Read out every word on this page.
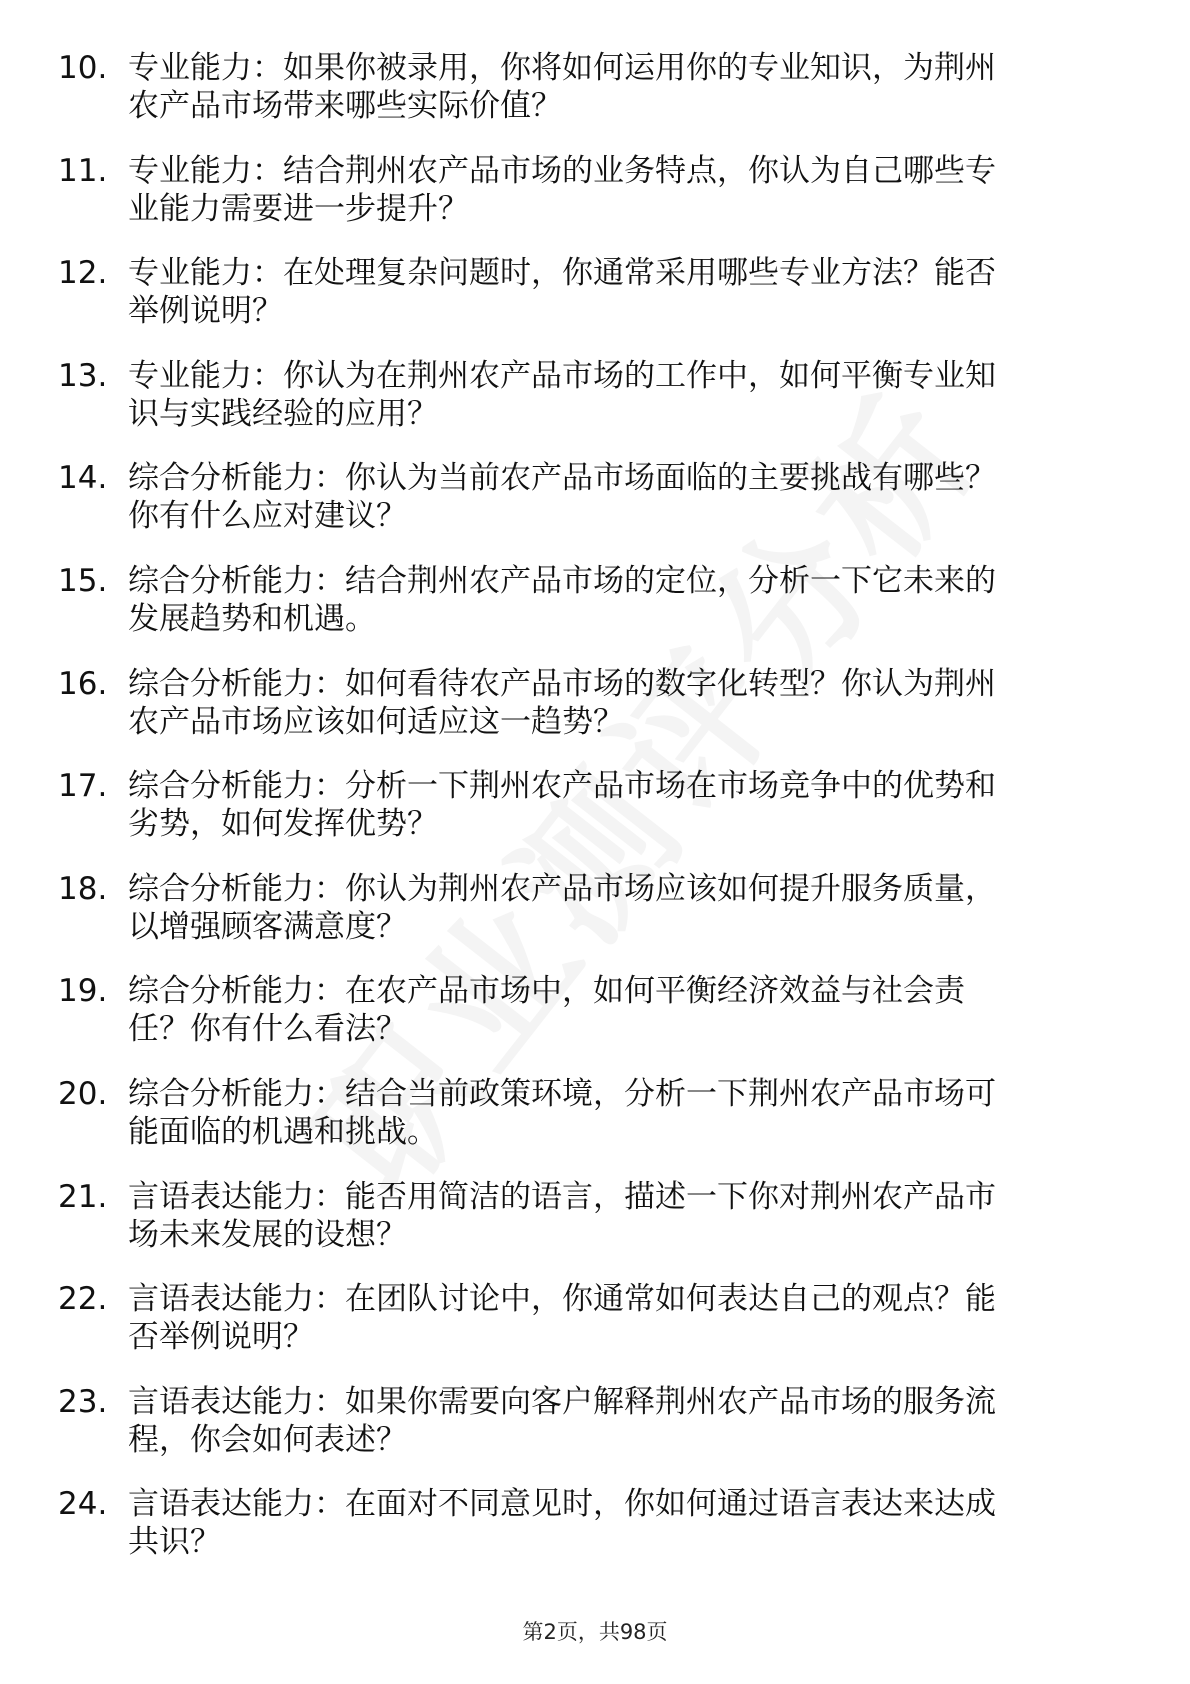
10. 专业能力：如果你被录用，你将如何运用你的专业知识，为荆州
农产品市场带来哪些实际价值？
11. 专业能力：结合荆州农产品市场的业务特点，你认为自己哪些专
业能力需要进一步提升？
12. 专业能力：在处理复杂问题时，你通常采用哪些专业方法？能否
举例说明？
13. 专业能力：你认为在荆州农产品市场的工作中，如何平衡专业知
识与实践经验的应用？
14. 综合分析能力：你认为当前农产品市场面临的主要挑战有哪些？
你有什么应对建议？
15. 综合分析能力：结合荆州农产品市场的定位，分析一下它未来的
发展趋势和机遇。
16. 综合分析能力：如何看待农产品市场的数字化转型？你认为荆州
农产品市场应该如何适应这一趋势？
17. 综合分析能力：分析一下荆州农产品市场在市场竞争中的优势和
劣势，如何发挥优势？
18. 综合分析能力：你认为荆州农产品市场应该如何提升服务质量，
以增强顾客满意度？
19. 综合分析能力：在农产品市场中，如何平衡经济效益与社会责
任？你有什么看法？
20. 综合分析能力：结合当前政策环境，分析一下荆州农产品市场可
能面临的机遇和挑战。
21. 言语表达能力：能否用简洁的语言，描述一下你对荆州农产品市
场未来发展的设想？
22. 言语表达能力：在团队讨论中，你通常如何表达自己的观点？能
否举例说明？
23. 言语表达能力：如果你需要向客户解释荆州农产品市场的服务流
程，你会如何表述？
24. 言语表达能力：在面对不同意见时，你如何通过语言表达来达成
共识？
第2页，共98页
